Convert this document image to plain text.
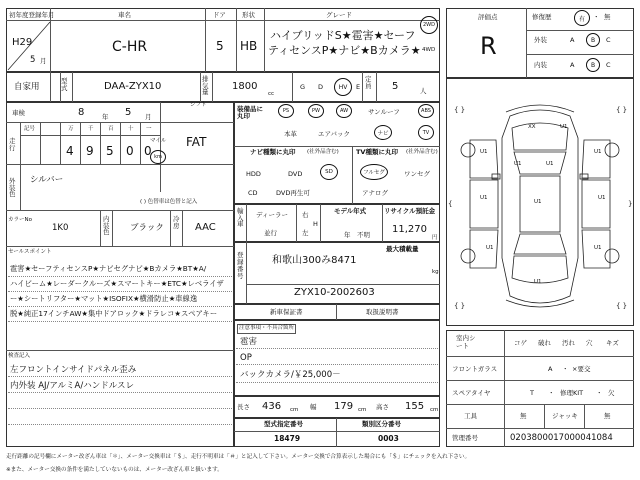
初年度登録年月
H29
5 月
車名
C-HR
ドア
5
形状
HB
グレード
ハイブリッドS★雹害★セーフ
ティセンスP★ナビ★Bカメラ★
2WD
4WD
自家用
型式	DAA-ZYX10
排気量 1800
cc
G D	HV E
定員 5	人
車検	8	年 5 月
シフト
FAT
走行
記号	万	千	百	十 一
4 9 5 0 0
マイル
km
外装色
シルバー
( ) 色替車は色替と記入
カラーNo
1K0
内装色 ブラック
冷房 AAC
セールスポイント
雹害★セーフティセンスP★ナビセグナビ★Bカメラ★BT★A/
ハイビーム★レーダークルーズ★スマートキー★ETC★レベライザ
ー★シートリフター★マット★ISOFIX★横滑防止★車線逸
脱★純正17インチAW★集中ドアロック★ドラレコ★スペアキー
検査記入
左フロントインサイドパネル歪み
内外装 AJ/アルミA/ハンドルスレ
装備品に丸印
PS	PW	AW	サンルーフ	ABS
本革	エアバック	ナビ	TV
ナビ種類に丸印 (社外品含む)
HDD	DVD	SD
CD	DVD再生可
TV種類に丸印 (社外品含む)
フルセグ	ワンセグ
アナログ
輸入車
ディーラー
並行
右
左
H
モデル年式
年　不明
リサイクル預託金
11,270
円
登録番号
最大積載量
和歌山300み8471
kg
ZYX10-2002603
新車保証書	取扱説明書
注意事項・不具合箇所
雹害
OP
バックカメラ/￥25,000－
長さ 436 cm 幅 179 cm 高さ 155 cm
型式指定番号
18479
類別区分番号
0003
評価点
R
修復歴	有 ・ 無
外装	A	B C
内装	A	B C
{ }	{ }
{ }	{ }
{	}
XX	U1
U1	U1
U1	U1
U1	U1
U1
U1	U1
U1
室内シート	コゲ 破れ 汚れ 穴 キズ
フロントガラス	A ・ ×要交
スペアタイヤ	T ・ 修理KIT ・ 欠
工具	無	ジャッキ	無
管理番号	0203800017000041084
走行距離の記号欄にメーター改ざん車は「＊」、メーター交換車は「＄」、走行不明車は「＃」と記入して下さい。メーター交換で合算表示した場合にも「＄」にチェックを入れ下さい。
※また、メーター交換の条件を満たしていないものは、メーター改ざん車と扱います。
